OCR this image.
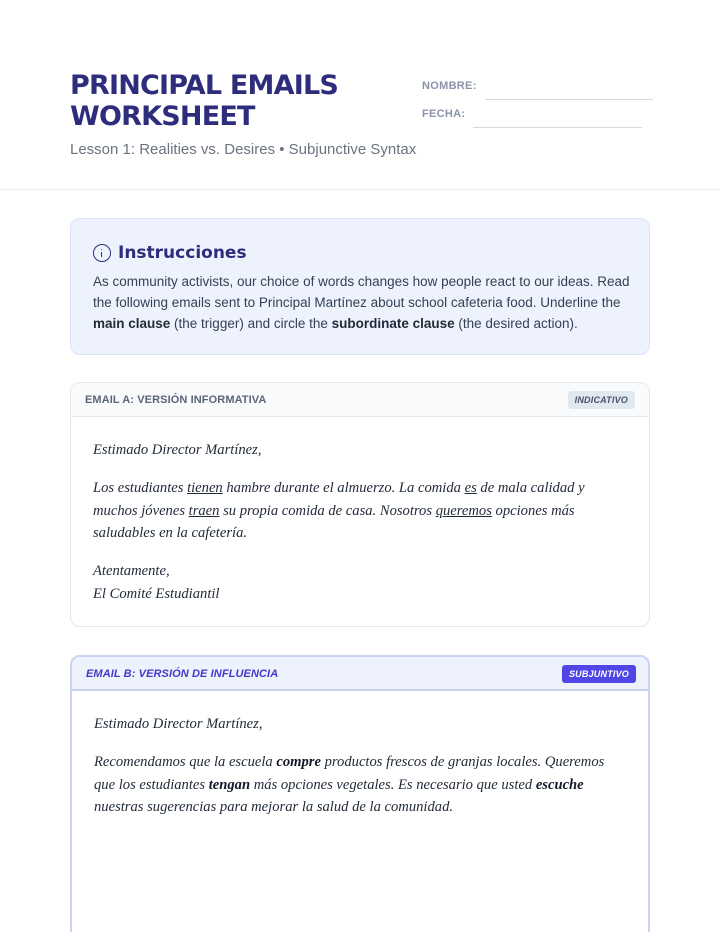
PRINCIPAL EMAILS WORKSHEET
Lesson 1: Realities vs. Desires • Subjunctive Syntax
NOMBRE:
FECHA:
Instrucciones
As community activists, our choice of words changes how people react to our ideas. Read the following emails sent to Principal Martínez about school cafeteria food. Underline the main clause (the trigger) and circle the subordinate clause (the desired action).
EMAIL A: VERSIÓN INFORMATIVA	INDICATIVO

Estimado Director Martínez,

Los estudiantes tienen hambre durante el almuerzo. La comida es de mala calidad y muchos jóvenes traen su propia comida de casa. Nosotros queremos opciones más saludables en la cafetería.

Atentamente,
El Comité Estudiantil

EMAIL B: VERSIÓN DE INFLUENCIA	SUBJUNTIVO

Estimado Director Martínez,

Recomendamos que la escuela compre productos frescos de granjas locales. Queremos que los estudiantes tengan más opciones vegetales. Es necesario que usted escuche nuestras sugerencias para mejorar la salud de la comunidad.
